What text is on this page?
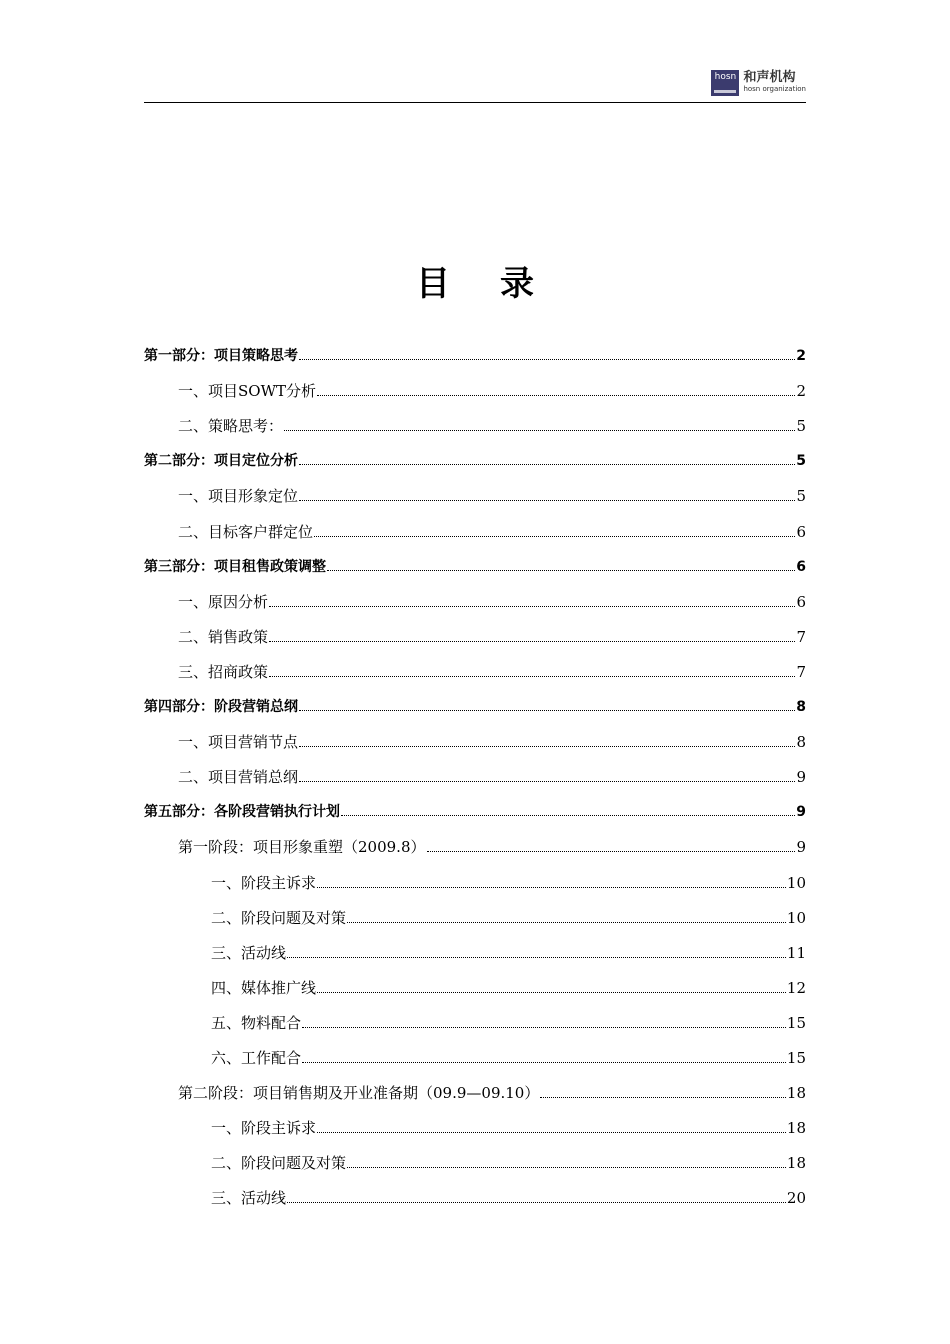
hosn 和声机构
hosn organization
目录
第一部分：项目策略思考	2
一、项目SOWT分析	2
二、策略思考：	5
第二部分：项目定位分析	5
一、项目形象定位	5
二、目标客户群定位	6
第三部分：项目租售政策调整	6
一、原因分析	6
二、销售政策	7
三、招商政策	7
第四部分：阶段营销总纲	8
一、项目营销节点	8
二、项目营销总纲	9
第五部分：各阶段营销执行计划	9
第一阶段：项目形象重塑（2009.8）	9
一、阶段主诉求	10
二、阶段问题及对策	10
三、活动线	11
四、媒体推广线	12
五、物料配合	15
六、工作配合	15
第二阶段：项目销售期及开业准备期（09.9—09.10）	18
一、阶段主诉求	18
二、阶段问题及对策	18
三、活动线	20
